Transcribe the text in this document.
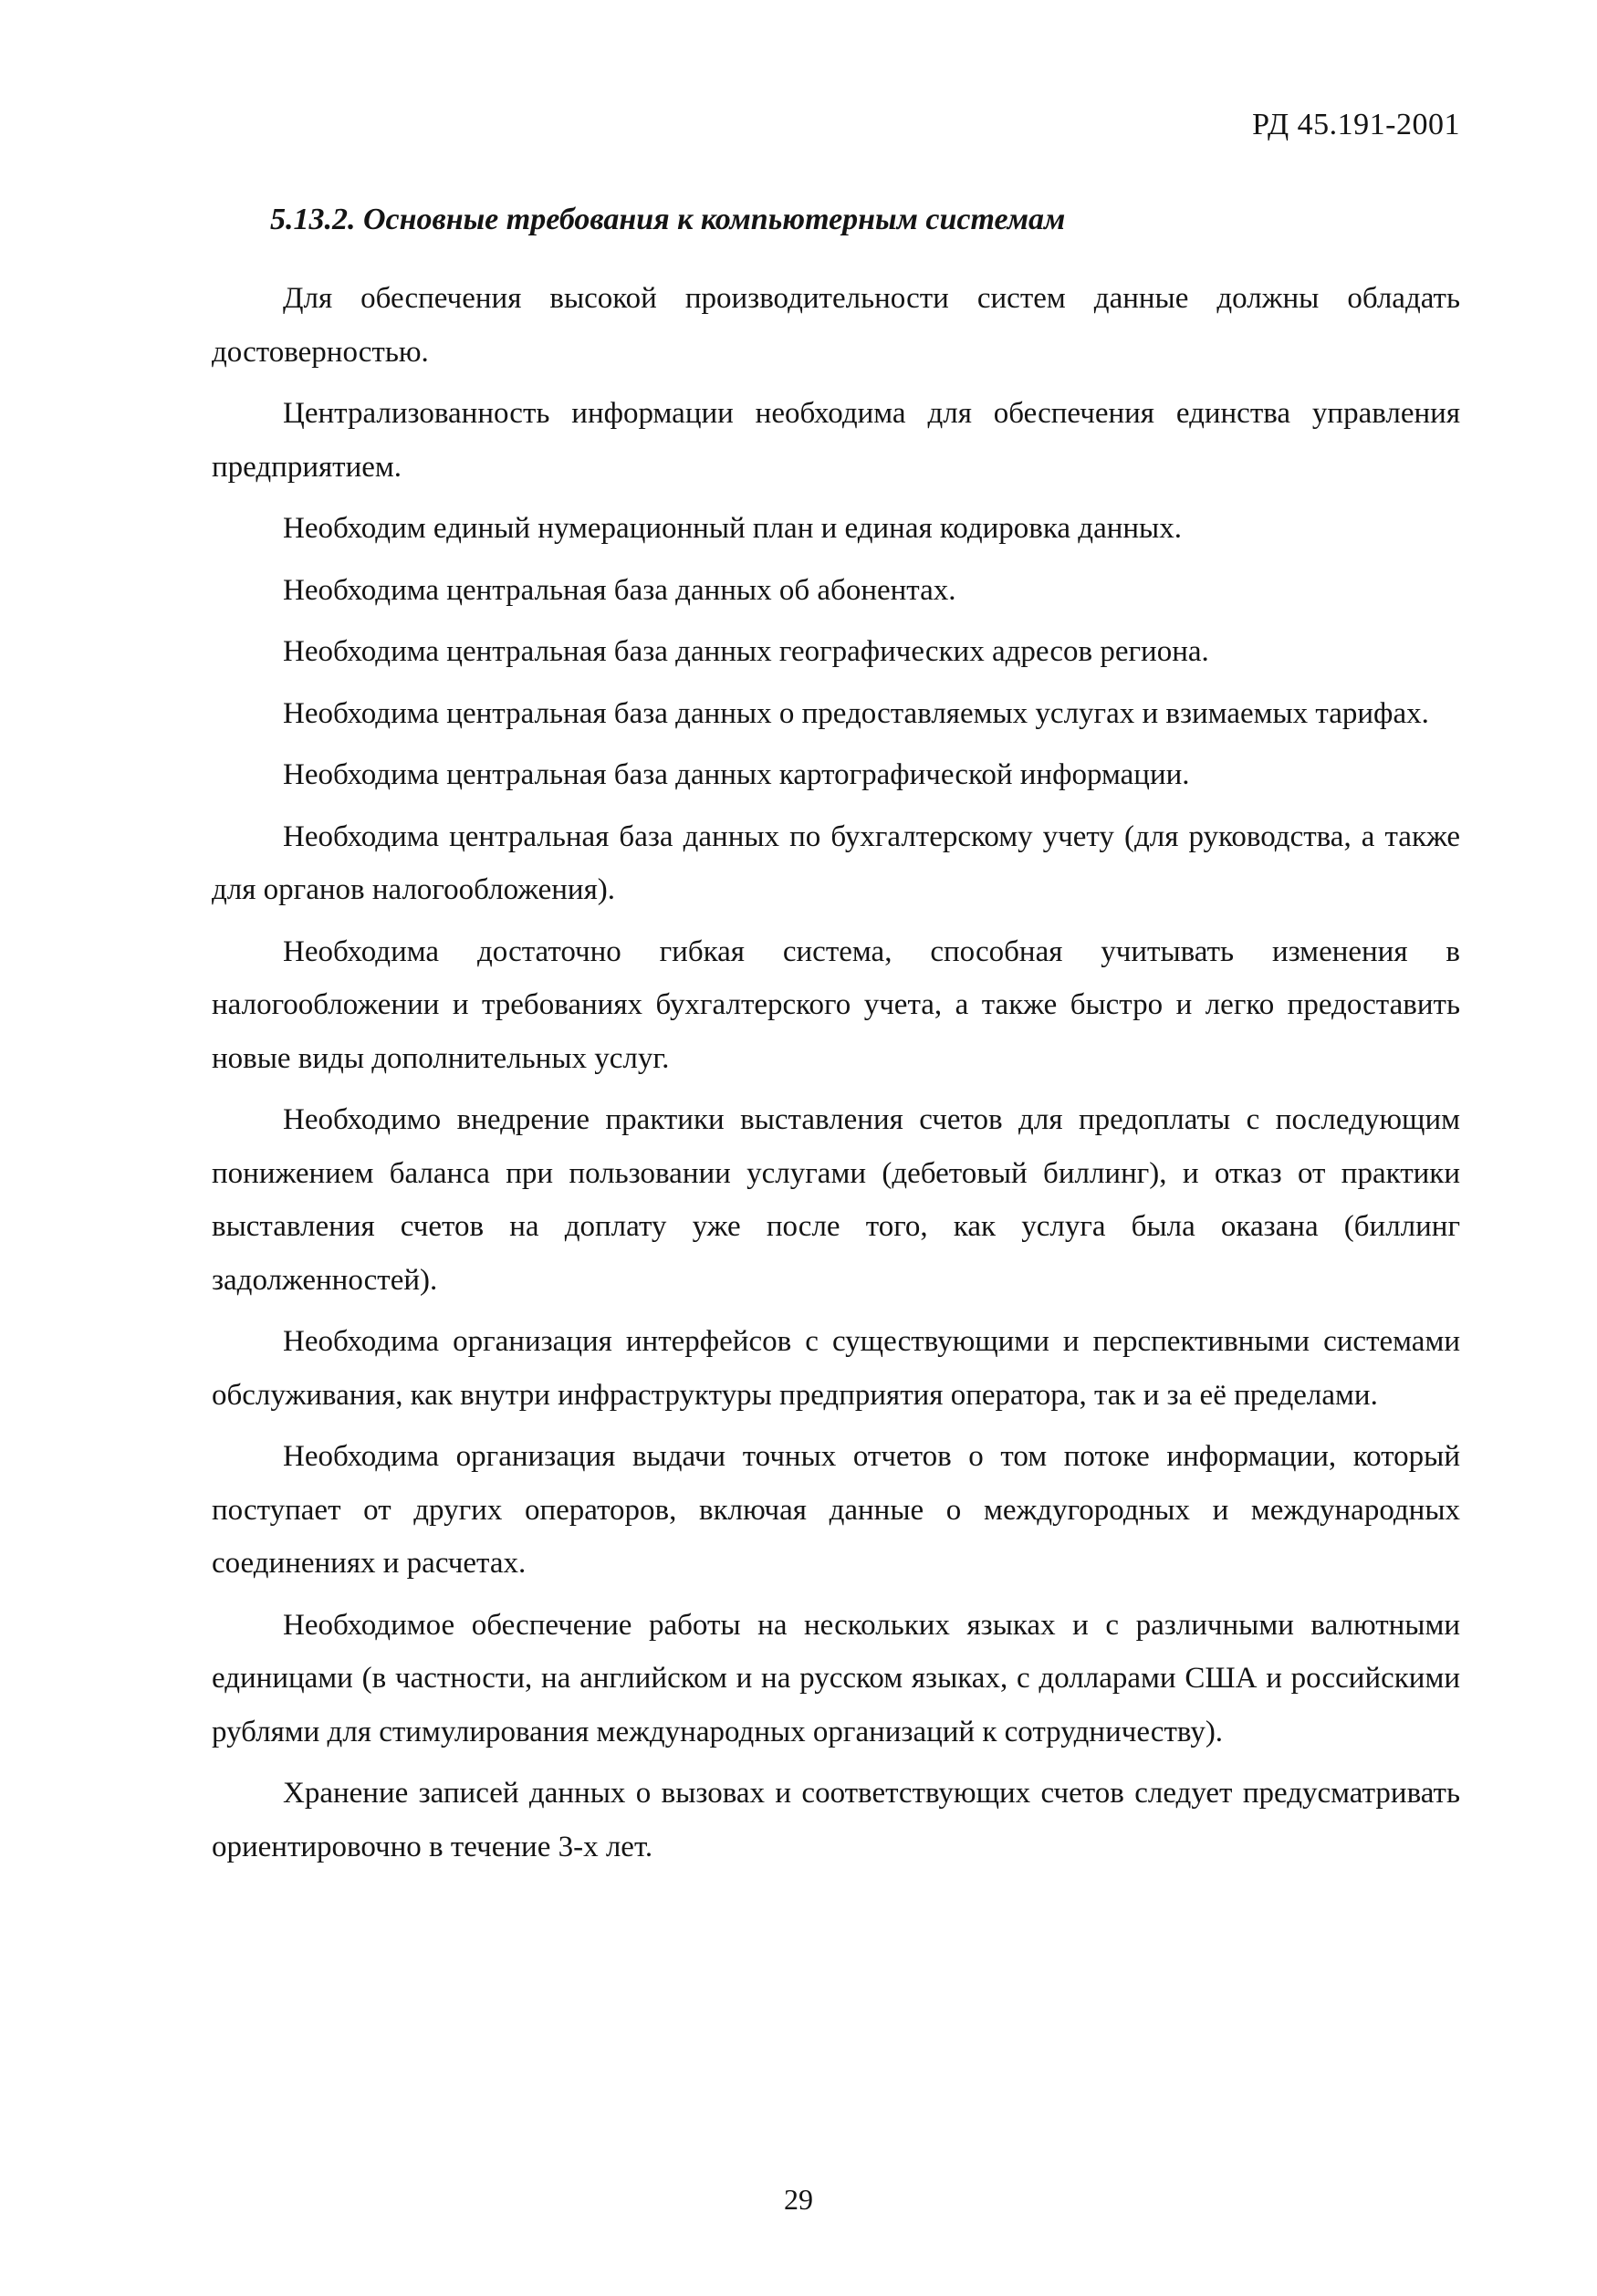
РД 45.191-2001

5.13.2. Основные требования к компьютерным системам

Для обеспечения высокой производительности систем данные должны обладать достоверностью.

Централизованность информации необходима для обеспечения единства управления предприятием.

Необходим единый нумерационный план и единая кодировка данных.

Необходима центральная база данных об абонентах.

Необходима центральная база данных географических адресов региона.

Необходима центральная база данных о предоставляемых услугах и взимаемых тарифах.

Необходима центральная база данных картографической информации.

Необходима центральная база данных по бухгалтерскому учету (для руководства, а также для органов налогообложения).

Необходима достаточно гибкая система, способная учитывать изменения в налогообложении и требованиях бухгалтерского учета, а также быстро и легко предоставить новые виды дополнительных услуг.

Необходимо внедрение практики выставления счетов для предоплаты с последующим понижением баланса при пользовании услугами (дебетовый биллинг), и отказ от практики выставления счетов на доплату уже после того, как услуга была оказана (биллинг задолженностей).

Необходима организация интерфейсов с существующими и перспективными системами обслуживания, как внутри инфраструктуры предприятия оператора, так и за её пределами.

Необходима организация выдачи точных отчетов о том потоке информации, который поступает от других операторов, включая данные о междугородных и международных соединениях и расчетах.

Необходимое обеспечение работы на нескольких языках и с различными валютными единицами (в частности, на английском и на русском языках, с долларами США и российскими рублями для стимулирования международных организаций к сотрудничеству).

Хранение записей данных о вызовах и соответствующих счетов следует предусматривать ориентировочно в течение 3-х лет.

29
